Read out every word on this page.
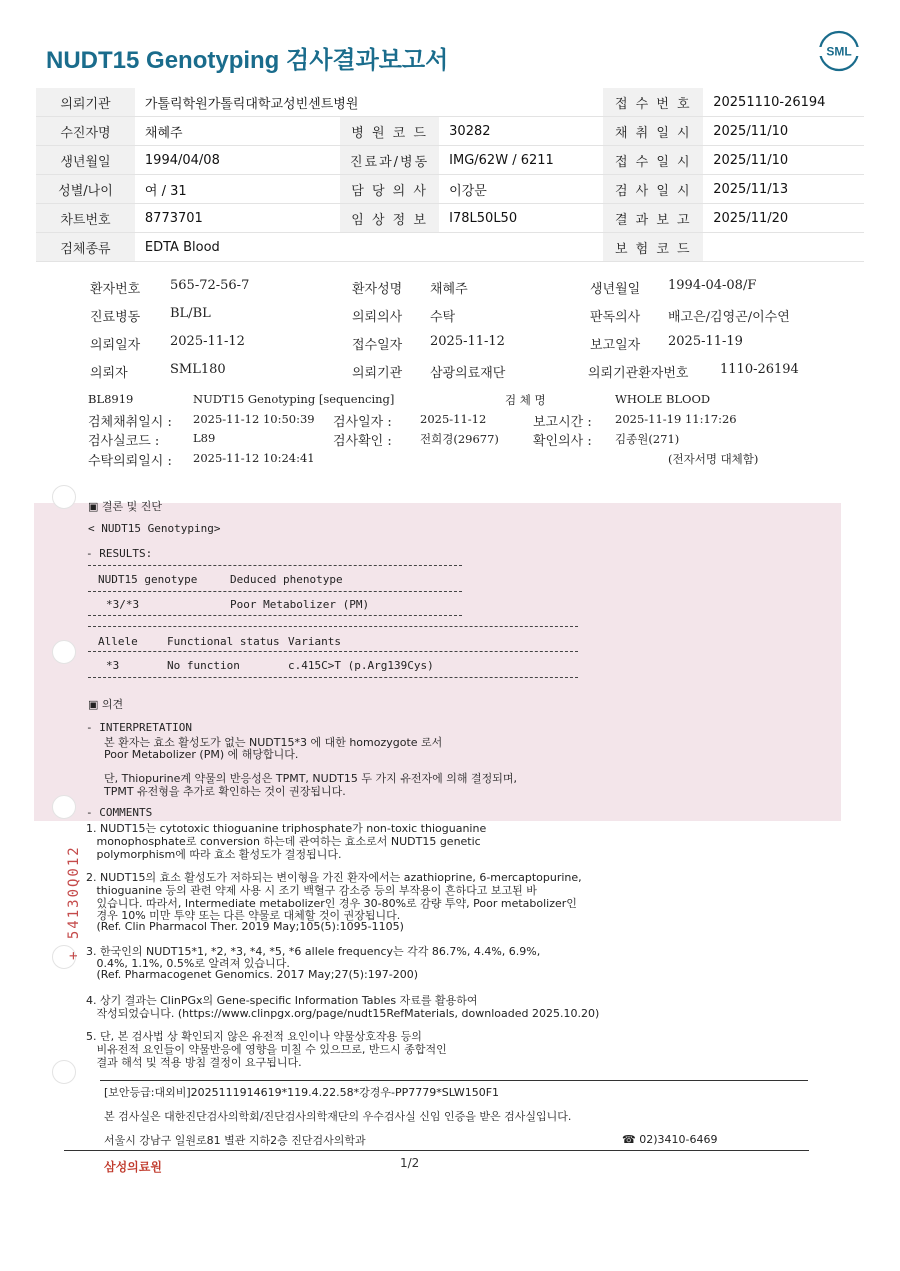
NUDT15 Genotyping 검사결과보고서	SML
의뢰기관	가톨릭학원가톨릭대학교성빈센트병원			접 수 번 호	20251110-26194
수진자명	채혜주	병 원 코 드	30282	채 취 일 시	2025/11/10
생년월일	1994/04/08	진료과/병동	IMG/62W / 6211	접 수 일 시	2025/11/10
성별/나이	여 / 31	담 당 의 사	이강문	검 사 일 시	2025/11/13
차트번호	8773701	임 상 정 보	I78L50L50	결 과 보 고	2025/11/20
검체종류	EDTA Blood			보 험 코 드	
환자번호 565-72-56-7	환자성명 채혜주	생년월일 1994-04-08/F
진료병동 BL/BL	의뢰의사 수탁	판독의사 배고은/김영곤/이수연
의뢰일자 2025-11-12	접수일자 2025-11-12	보고일자 2025-11-19
의뢰자	SML180	의뢰기관 삼광의료재단	의뢰기관환자번호 1110-26194
BL8919	NUDT15 Genotyping [sequencing]	검 체 명	WHOLE BLOOD
검체채취일시 : 2025-11-12 10:50:39 검사일자 : 2025-11-12	보고시간 : 2025-11-19 11:17:26
검사실코드 :	L89	검사확인 : 전희경(29677)	확인의사 : 김종원(271)
수탁의뢰일시 : 2025-11-12 10:24:41	(전자서명 대체함)
▣ 결론 및 진단
< NUDT15 Genotyping>
- RESULTS:
NUDT15 genotype	Deduced phenotype
*3/*3	Poor Metabolizer (PM)
Allele	Functional status Variants
*3	No function	c.415C>T (p.Arg139Cys)
▣ 의견
- INTERPRETATION
본 환자는 효소 활성도가 없는 NUDT15*3 에 대한 homozygote 로서
Poor Metabolizer (PM) 에 해당합니다.
단, Thiopurine계 약물의 반응성은 TPMT, NUDT15 두 가지 유전자에 의해 결정되며,
TPMT 유전형을 추가로 확인하는 것이 권장됩니다.
- COMMENTS
1. NUDT15는 cytotoxic thioguanine triphosphate가 non-toxic thioguanine
monophosphate로 conversion 하는데 관여하는 효소로서 NUDT15 genetic
polymorphism에 따라 효소 활성도가 결정됩니다.
2. NUDT15의 효소 활성도가 저하되는 변이형을 가진 환자에서는 azathioprine, 6-mercaptopurine,
thioguanine 등의 관련 약제 사용 시 조기 백혈구 감소증 등의 부작용이 흔하다고 보고된 바
있습니다. 따라서, Intermediate metabolizer인 경우 30-80%로 감량 투약, Poor metabolizer인
경우 10% 미만 투약 또는 다른 약물로 대체할 것이 권장됩니다.
(Ref. Clin Pharmacol Ther. 2019 May;105(5):1095-1105)
3. 한국인의 NUDT15*1, *2, *3, *4, *5, *6 allele frequency는 각각 86.7%, 4.4%, 6.9%,
0.4%, 1.1%, 0.5%로 알려져 있습니다.
(Ref. Pharmacogenet Genomics. 2017 May;27(5):197-200)
4. 상기 결과는 ClinPGx의 Gene-specific Information Tables 자료를 활용하여
작성되었습니다. (https://www.clinpgx.org/page/nudt15RefMaterials, downloaded 2025.10.20)
5. 단, 본 검사법 상 확인되지 않은 유전적 요인이나 약물상호작용 등의
비유전적 요인들이 약물반응에 영향을 미칠 수 있으므로, 반드시 종합적인
결과 해석 및 적용 방침 결정이 요구됩니다.
+ 54130Q012
[보안등급:대외비]2025111914619*119.4.22.58*강경우-PP7779*SLW150F1
본 검사실은 대한진단검사의학회/진단검사의학재단의 우수검사실 신임 인증을 받은 검사실입니다.
서울시 강남구 일원로81 별관 지하2층 진단검사의학과	☎ 02)3410-6469
삼성의료원	1/2
